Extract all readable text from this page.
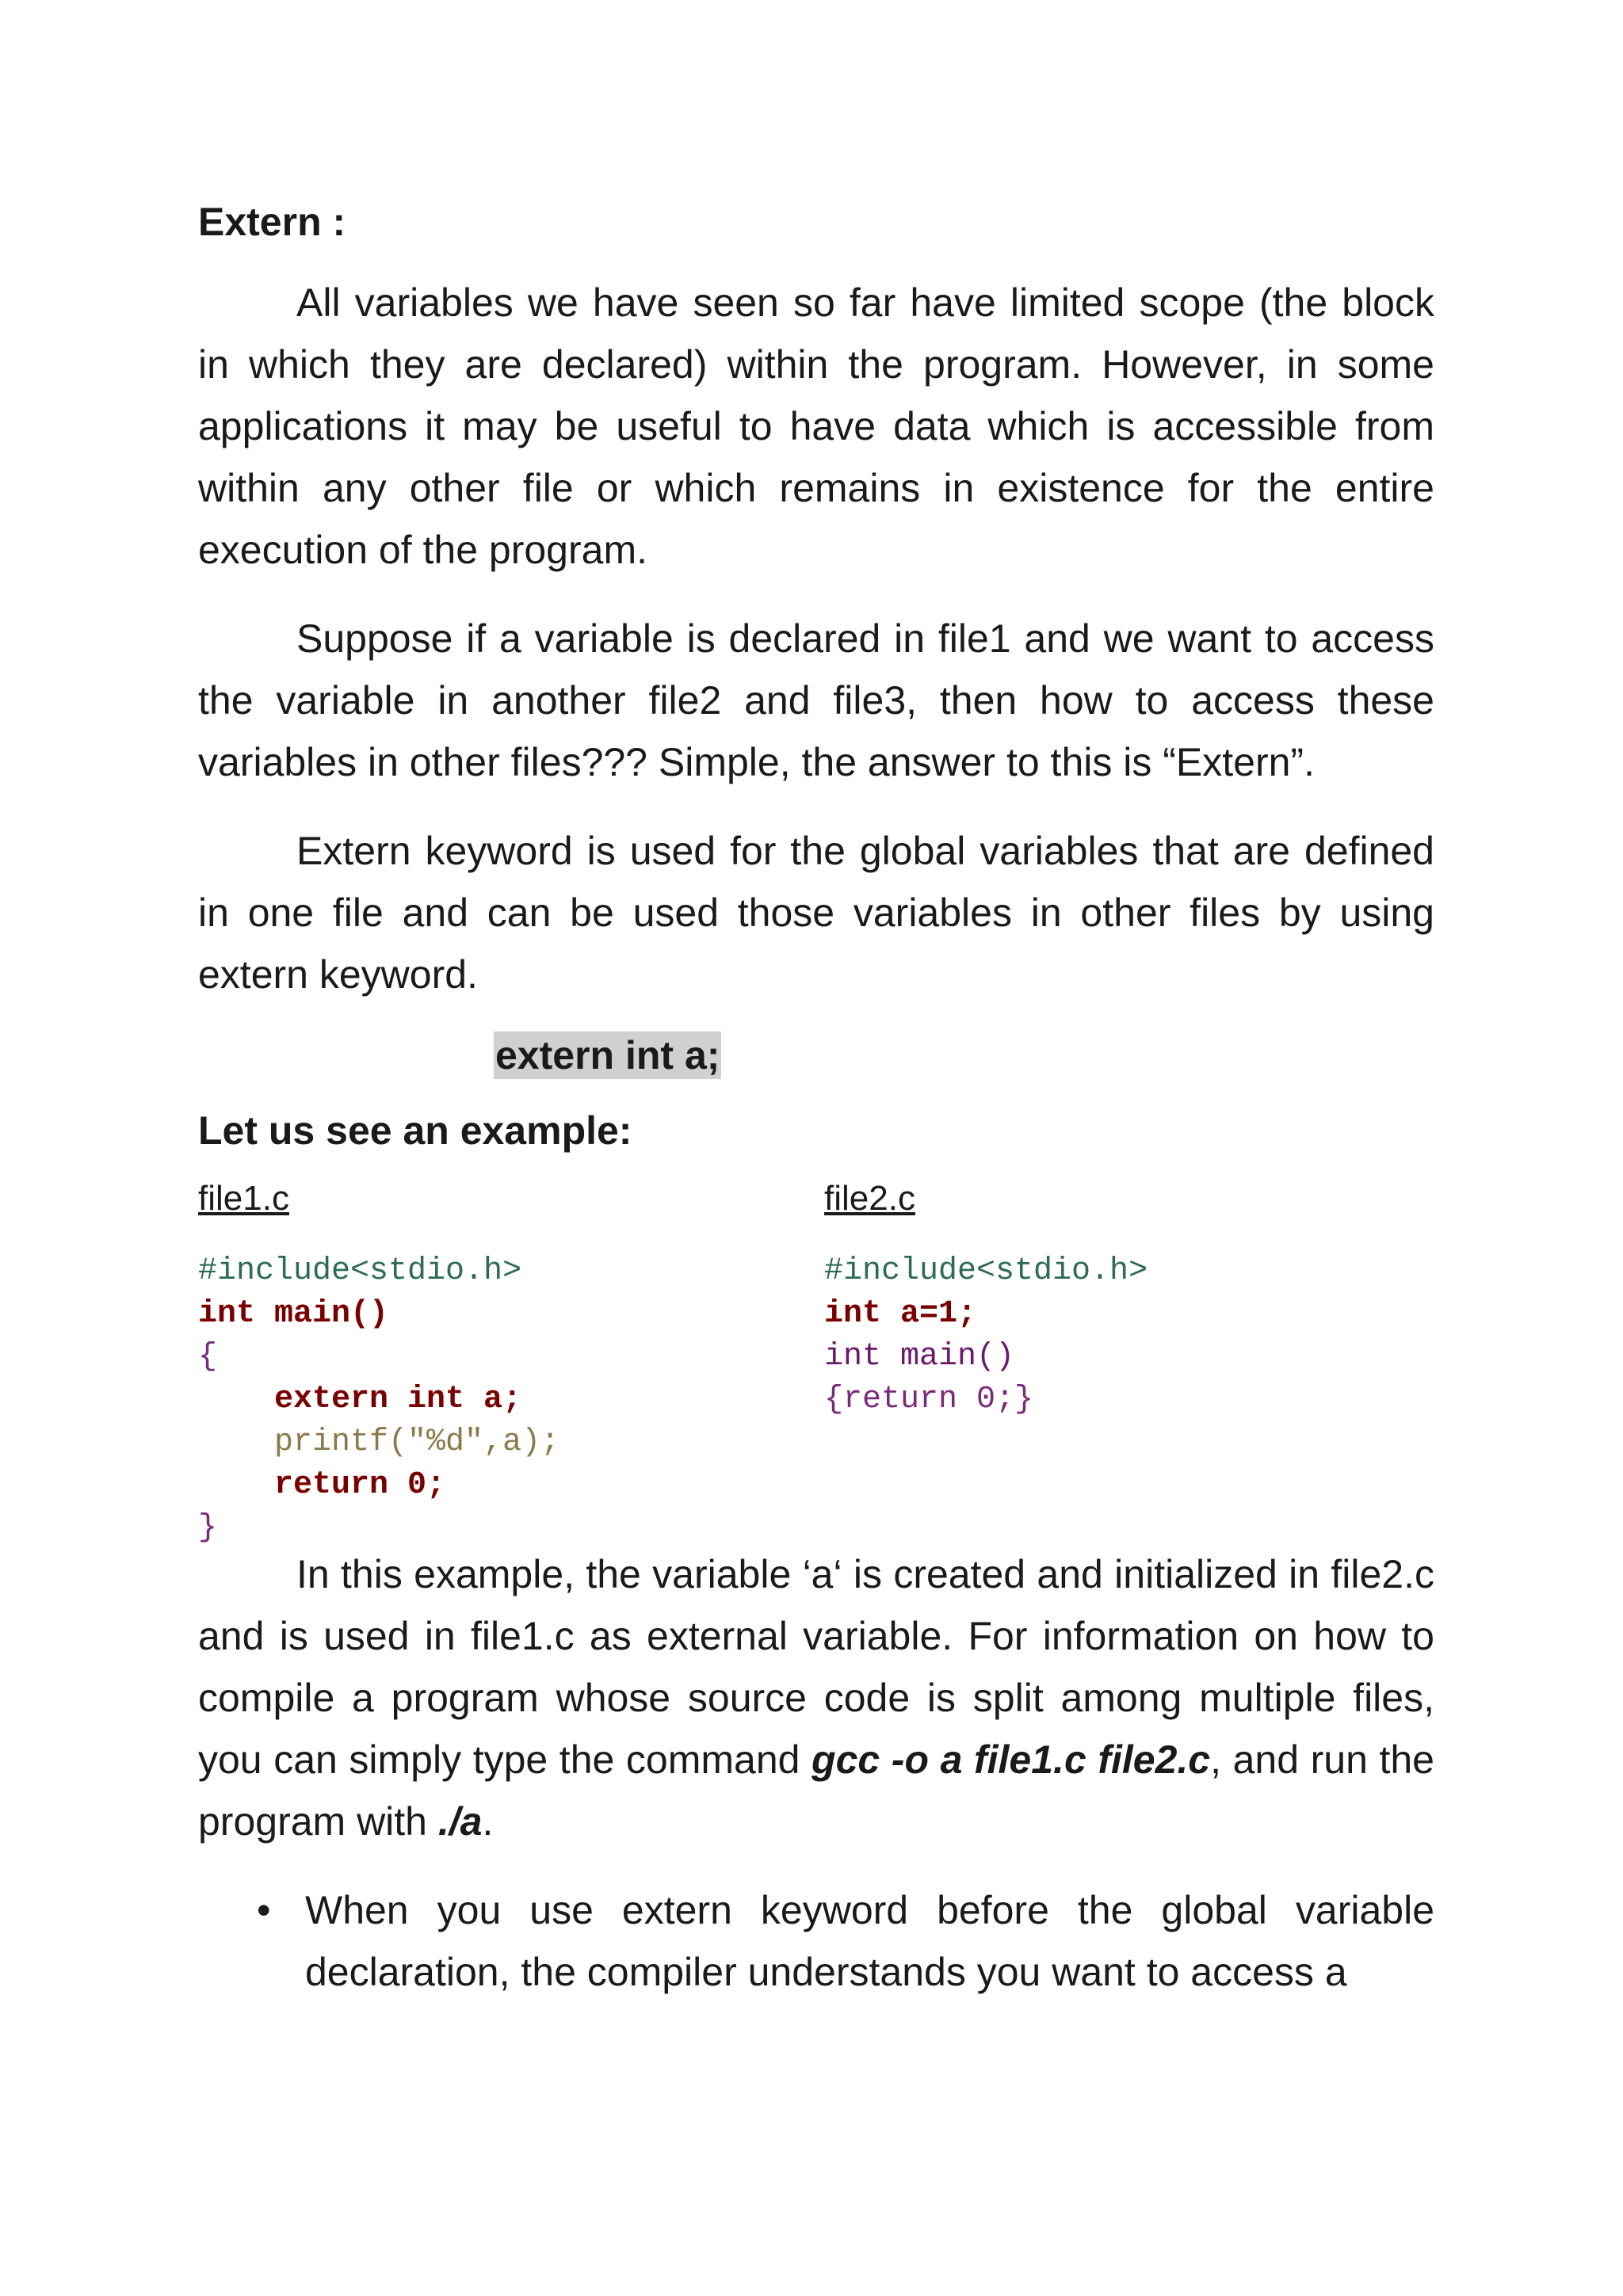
Extern :

All variables we have seen so far have limited scope (the block in which they are declared) within the program. However, in some applications it may be useful to have data which is accessible from within any other file or which remains in existence for the entire execution of the program.

Suppose if a variable is declared in file1 and we want to access the variable in another file2 and file3, then how to access these variables in other files??? Simple, the answer to this is “Extern”.

Extern keyword is used for the global variables that are defined in one file and can be used those variables in other files by using extern keyword.

extern int a;
Let us see an example:
file1.c
#include<stdio.h>
int main()
{
extern int a;
printf("%d",a);
return 0;
}
file2.c
#include<stdio.h>
int a=1;
int main()
{return 0;}

In this example, the variable ‘a‘ is created and initialized in file2.c and is used in file1.c as external variable. For information on how to compile a program whose source code is split among multiple files, you can simply type the command gcc -o a file1.c file2.c, and run the program with ./a.

• When you use extern keyword before the global variable declaration, the compiler understands you want to access a
